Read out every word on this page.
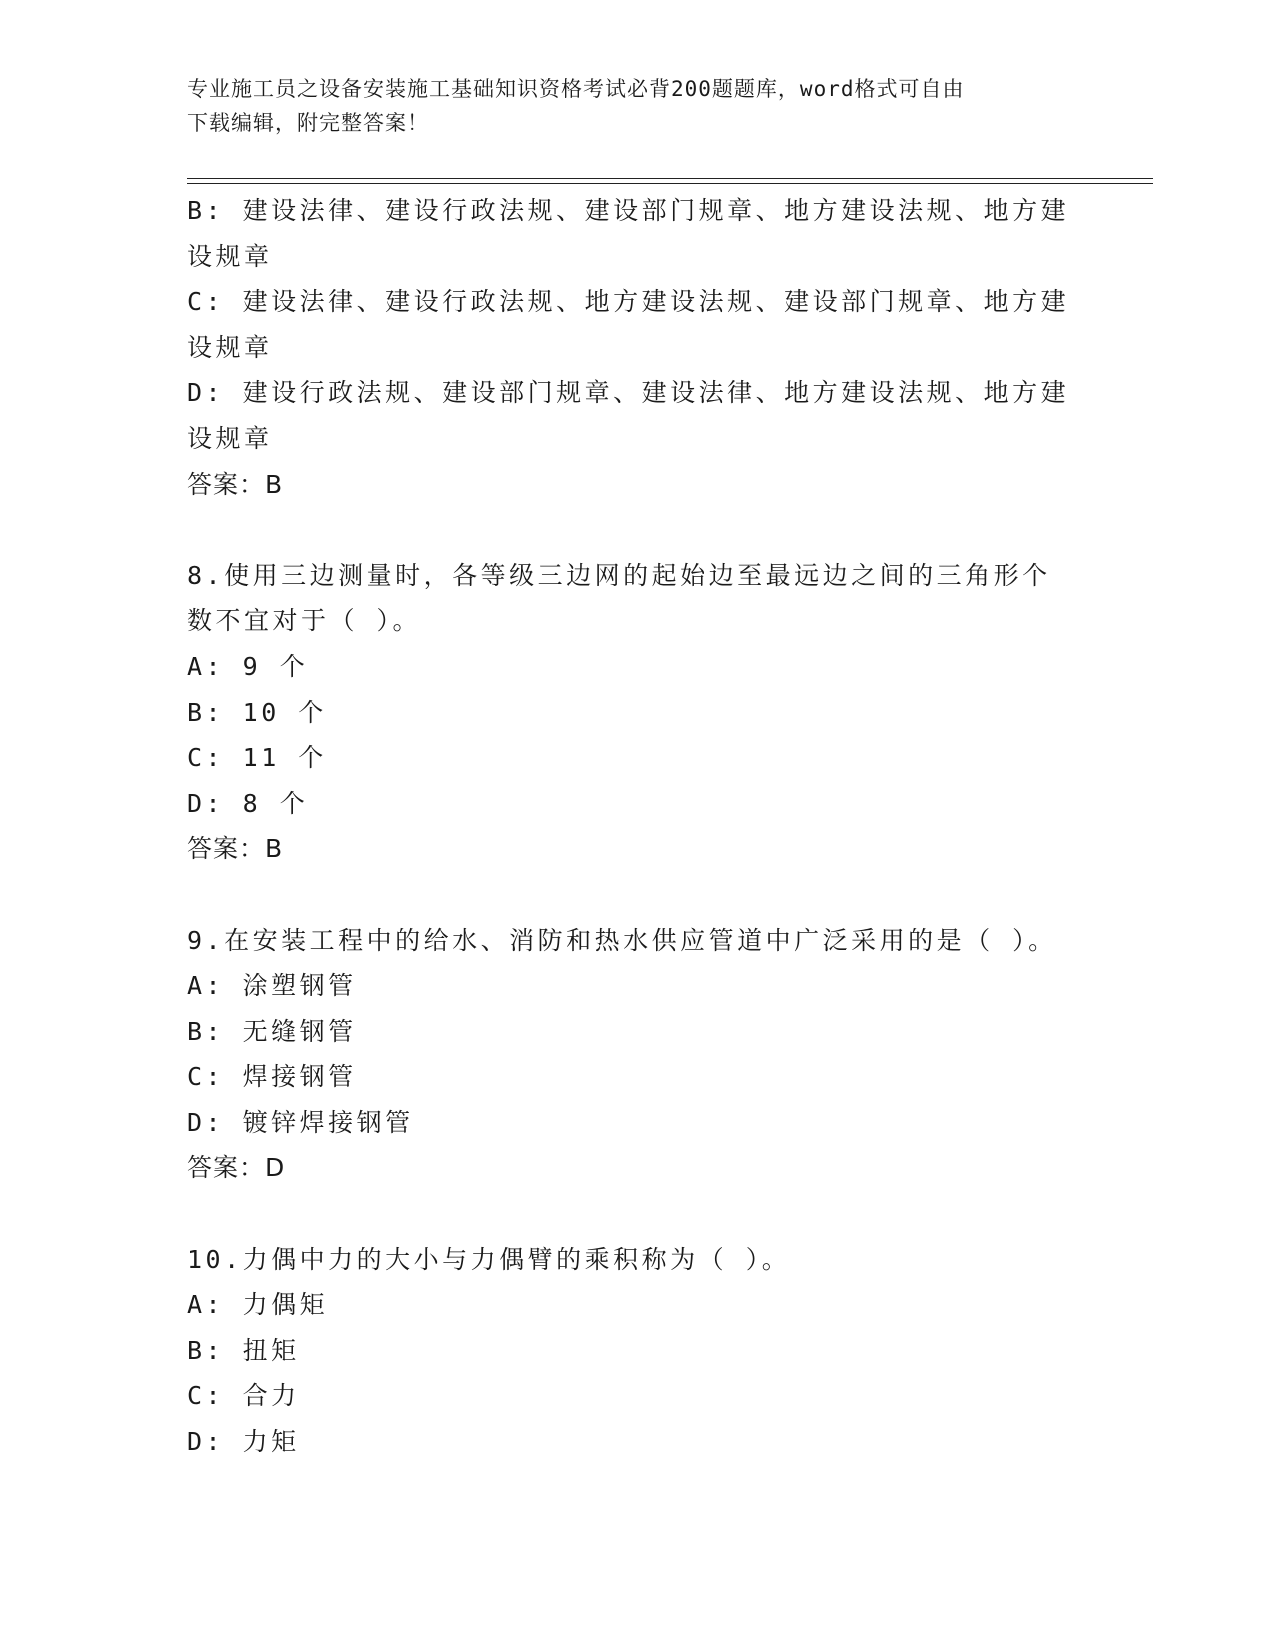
专业施工员之设备安装施工基础知识资格考试必背200题题库，word格式可自由
下载编辑，附完整答案！
B: 建设法律、建设行政法规、建设部门规章、地方建设法规、地方建
设规章
C: 建设法律、建设行政法规、地方建设法规、建设部门规章、地方建
设规章
D: 建设行政法规、建设部门规章、建设法律、地方建设法规、地方建
设规章
答案：B
8.使用三边测量时，各等级三边网的起始边至最远边之间的三角形个
数不宜对于（ ）。
A: 9 个
B: 10 个
C: 11 个
D: 8 个
答案：B
9.在安装工程中的给水、消防和热水供应管道中广泛采用的是（ ）。
A: 涂塑钢管
B: 无缝钢管
C: 焊接钢管
D: 镀锌焊接钢管
答案：D
10.力偶中力的大小与力偶臂的乘积称为（ ）。
A: 力偶矩
B: 扭矩
C: 合力
D: 力矩
